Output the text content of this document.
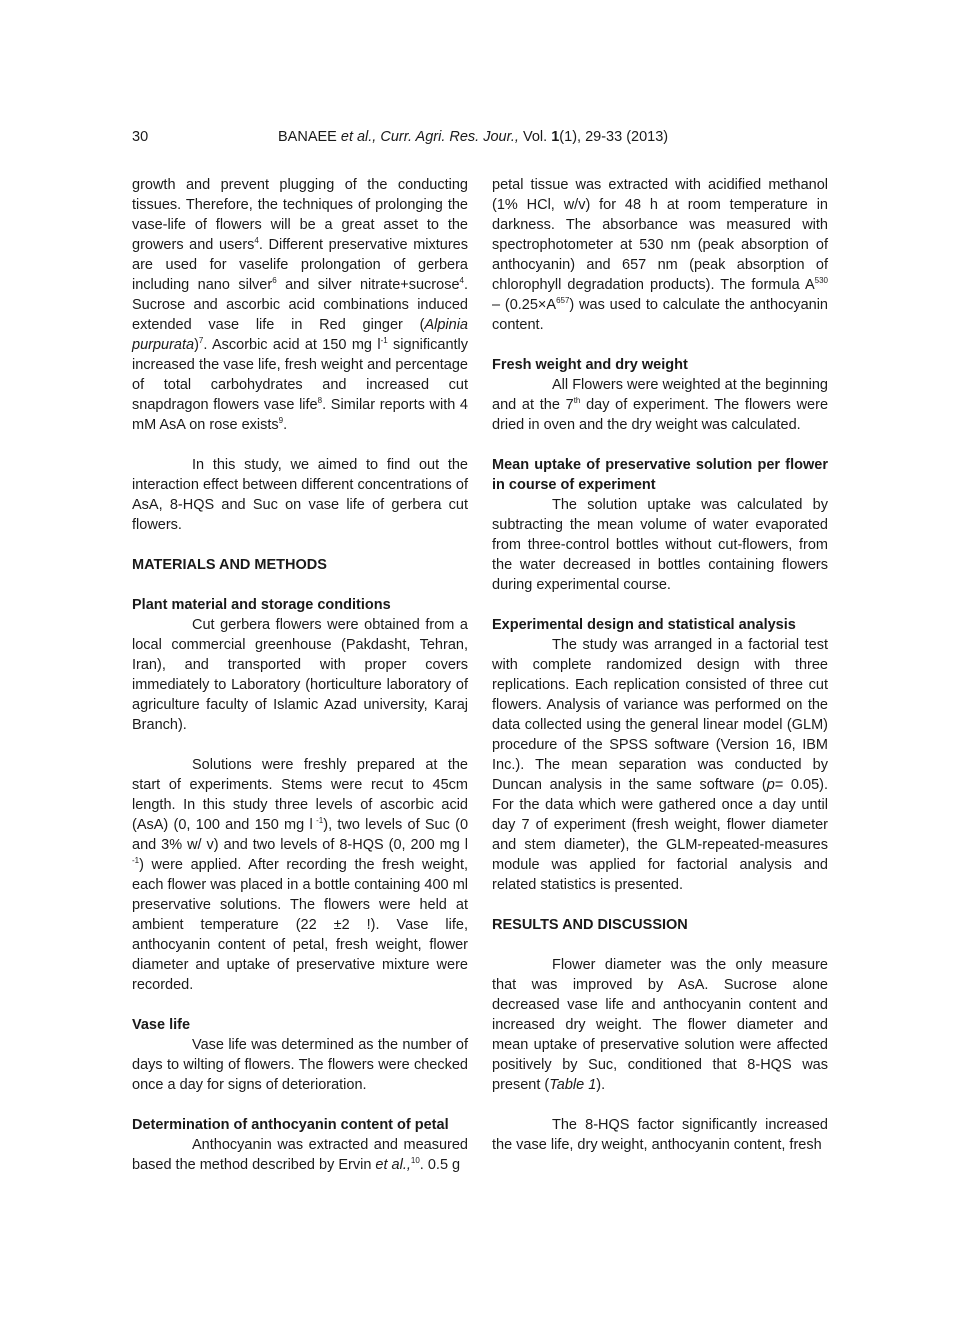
30	BANAEE et al., Curr. Agri. Res. Jour., Vol. 1(1), 29-33 (2013)

growth and prevent plugging of the conducting tissues. Therefore, the techniques of prolonging the vase-life of flowers will be a great asset to the growers and users$^4$. Different preservative mixtures are used for vaselife prolongation of gerbera including nano silver$^6$ and silver nitrate+sucrose$^4$. Sucrose and ascorbic acid combinations induced extended vase life in Red ginger (Alpinia purpurata)$^7$. Ascorbic acid at 150 mg $l^{-1}$ significantly increased the vase life, fresh weight and percentage of total carbohydrates and increased cut snapdragon flowers vase life$^8$. Similar reports with 4 mM AsA on rose exists$^9$.

In this study, we aimed to find out the interaction effect between different concentrations of AsA, 8-HQS and Suc on vase life of gerbera cut flowers.

MATERIALS AND METHODS

Plant material and storage conditions

Cut gerbera flowers were obtained from a local commercial greenhouse (Pakdasht, Tehran, Iran), and transported with proper covers immediately to Laboratory (horticulture laboratory of agriculture faculty of Islamic Azad university, Karaj Branch).

Solutions were freshly prepared at the start of experiments. Stems were recut to 45cm length. In this study three levels of ascorbic acid (AsA) (0, 100 and 150 mg l $^{-1}$), two levels of Suc (0 and 3% w/ v) and two levels of 8-HQS (0, 200 mg l $^{-1}$) were applied. After recording the fresh weight, each flower was placed in a bottle containing 400 ml preservative solutions. The flowers were held at ambient temperature (22 ±2 !). Vase life, anthocyanin content of petal, fresh weight, flower diameter and uptake of preservative mixture were recorded.

Vase life

Vase life was determined as the number of days to wilting of flowers. The flowers were checked once a day for signs of deterioration.

Determination of anthocyanin content of petal

Anthocyanin was extracted and measured based the method described by Ervin et al.,$^{10}$. 0.5 g

petal tissue was extracted with acidified methanol (1% HCl, w/v) for 48 h at room temperature in darkness. The absorbance was measured with spectrophotometer at 530 nm (peak absorption of anthocyanin) and 657 nm (peak absorption of chlorophyll degradation products). The formula $A^{530} - (0.25\times A^{657})$ was used to calculate the anthocyanin content.

Fresh weight and dry weight

All Flowers were weighted at the beginning and at the 7th day of experiment. The flowers were dried in oven and the dry weight was calculated.

Mean uptake of preservative solution per flower in course of experiment

The solution uptake was calculated by subtracting the mean volume of water evaporated from three-control bottles without cut-flowers, from the water decreased in bottles containing flowers during experimental course.

Experimental design and statistical analysis

The study was arranged in a factorial test with complete randomized design with three replications. Each replication consisted of three cut flowers. Analysis of variance was performed on the data collected using the general linear model (GLM) procedure of the SPSS software (Version 16, IBM Inc.). The mean separation was conducted by Duncan analysis in the same software (p= 0.05). For the data which were gathered once a day until day 7 of experiment (fresh weight, flower diameter and stem diameter), the GLM-repeated-measures module was applied for factorial analysis and related statistics is presented.

RESULTS AND DISCUSSION

Flower diameter was the only measure that was improved by AsA. Sucrose alone decreased vase life and anthocyanin content and increased dry weight. The flower diameter and mean uptake of preservative solution were affected positively by Suc, conditioned that 8-HQS was present (Table 1).

The 8-HQS factor significantly increased the vase life, dry weight, anthocyanin content, fresh
